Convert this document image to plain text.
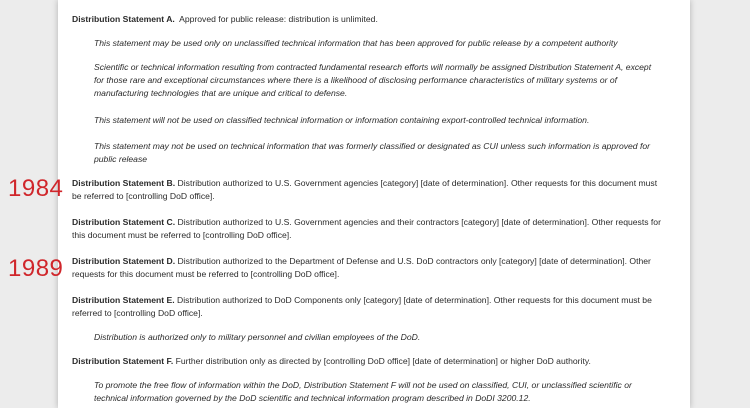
Distribution Statement A. Approved for public release: distribution is unlimited.
This statement may be used only on unclassified technical information that has been approved for public release by a competent authority
Scientific or technical information resulting from contracted fundamental research efforts will normally be assigned Distribution Statement A, except for those rare and exceptional circumstances where there is a likelihood of disclosing performance characteristics of military systems or of manufacturing technologies that are unique and critical to defense.
This statement will not be used on classified technical information or information containing export-controlled technical information.
This statement may not be used on technical information that was formerly classified or designated as CUI unless such information is approved for public release
Distribution Statement B. Distribution authorized to U.S. Government agencies [category] [date of determination]. Other requests for this document must be referred to [controlling DoD office].
Distribution Statement C. Distribution authorized to U.S. Government agencies and their contractors [category] [date of determination]. Other requests for this document must be referred to [controlling DoD office].
Distribution Statement D. Distribution authorized to the Department of Defense and U.S. DoD contractors only [category] [date of determination]. Other requests for this document must be referred to [controlling DoD office].
Distribution Statement E. Distribution authorized to DoD Components only [category] [date of determination]. Other requests for this document must be referred to [controlling DoD office].
Distribution is authorized only to military personnel and civilian employees of the DoD.
Distribution Statement F. Further distribution only as directed by [controlling DoD office] [date of determination] or higher DoD authority.
To promote the free flow of information within the DoD, Distribution Statement F will not be used on classified, CUI, or unclassified scientific or technical information governed by the DoD scientific and technical information program described in DoDI 3200.12.
1984
1989
